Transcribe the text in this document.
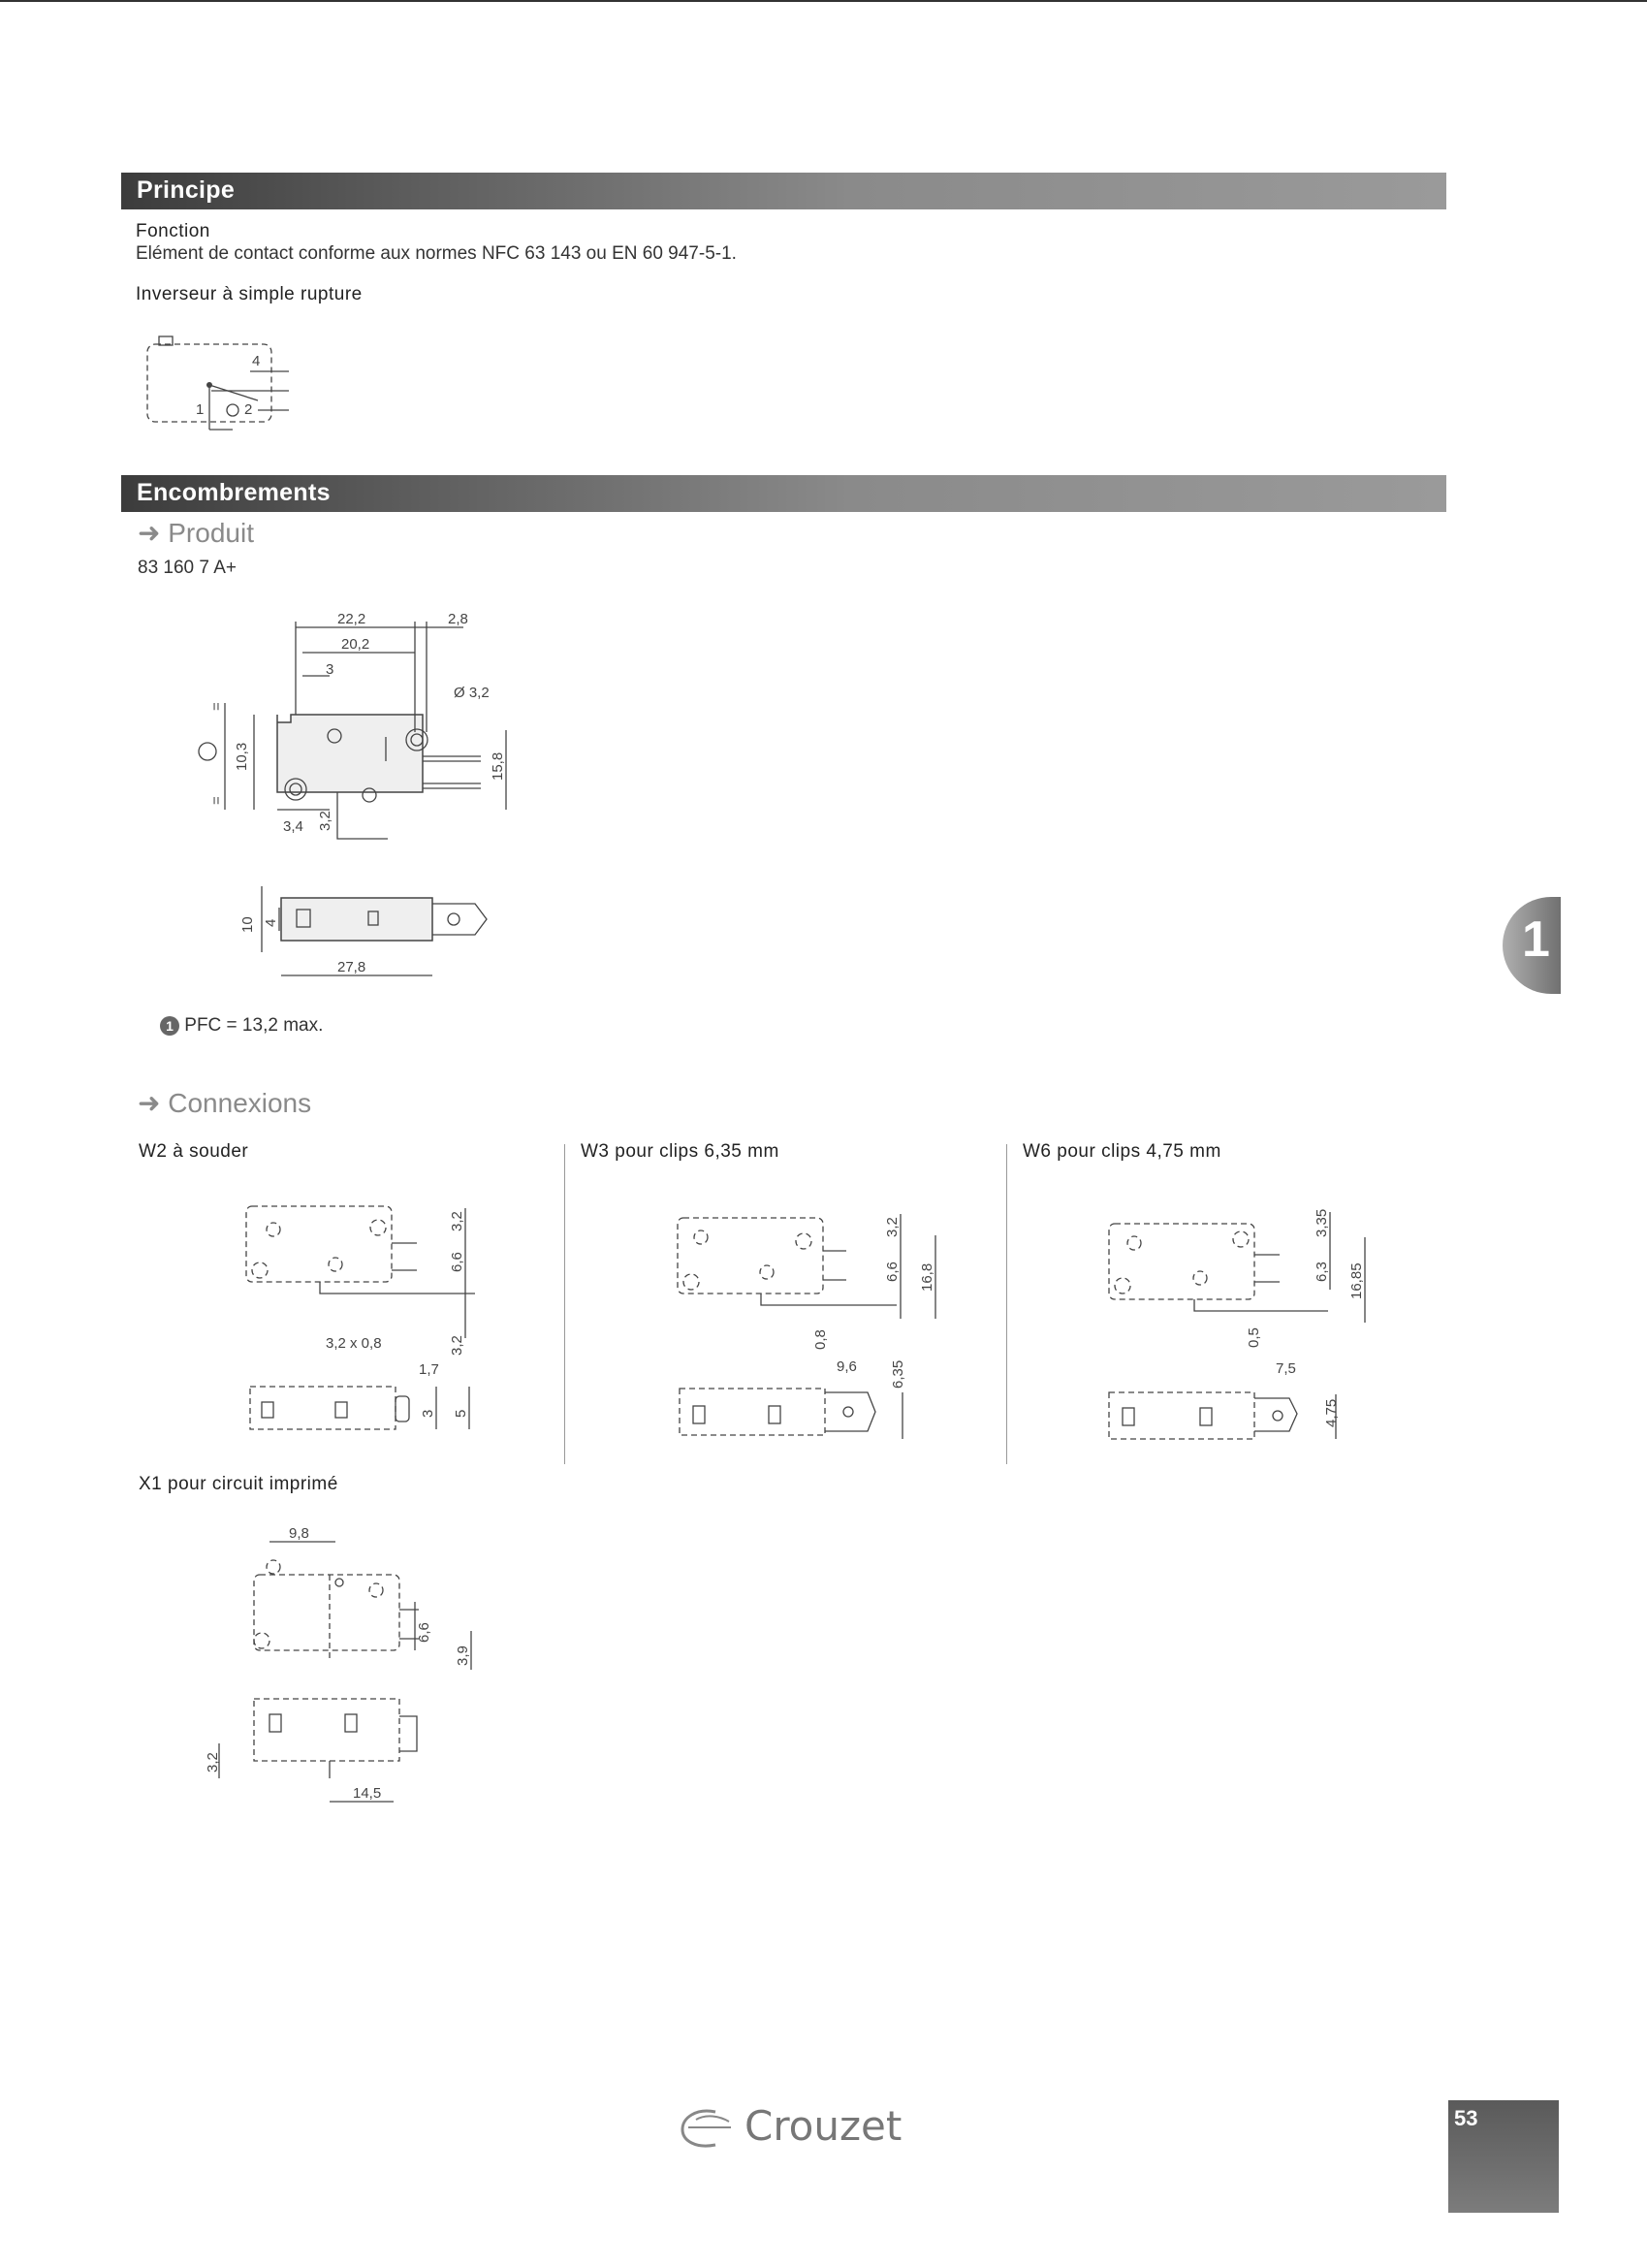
Principe
Fonction
Elément de contact conforme aux normes NFC 63 143 ou EN 60 947-5-1.
Inverseur à simple rupture
4
1	2
Encombrements
➜ Produit
83 160 7 A+
22,2	2,8
20,2
3
Ø 3,2
10,3
=
=
15,8
3,4 3,2
10 4
27,8
1 PFC = 13,2 max.
➜ Connexions
W2 à souder	W3 pour clips 6,35 mm	W6 pour clips 4,75 mm
3,2
6,6
3,2
3,2 x 0,8
1,7
3 5
3,2
6,6 16,8
0,8
9,6 6,35
3,35
6,3 16,85
0,5
7,5
4,75
X1 pour circuit imprimé
9,8
6,6
3,9
3,2
14,5
1
Crouzet	53
